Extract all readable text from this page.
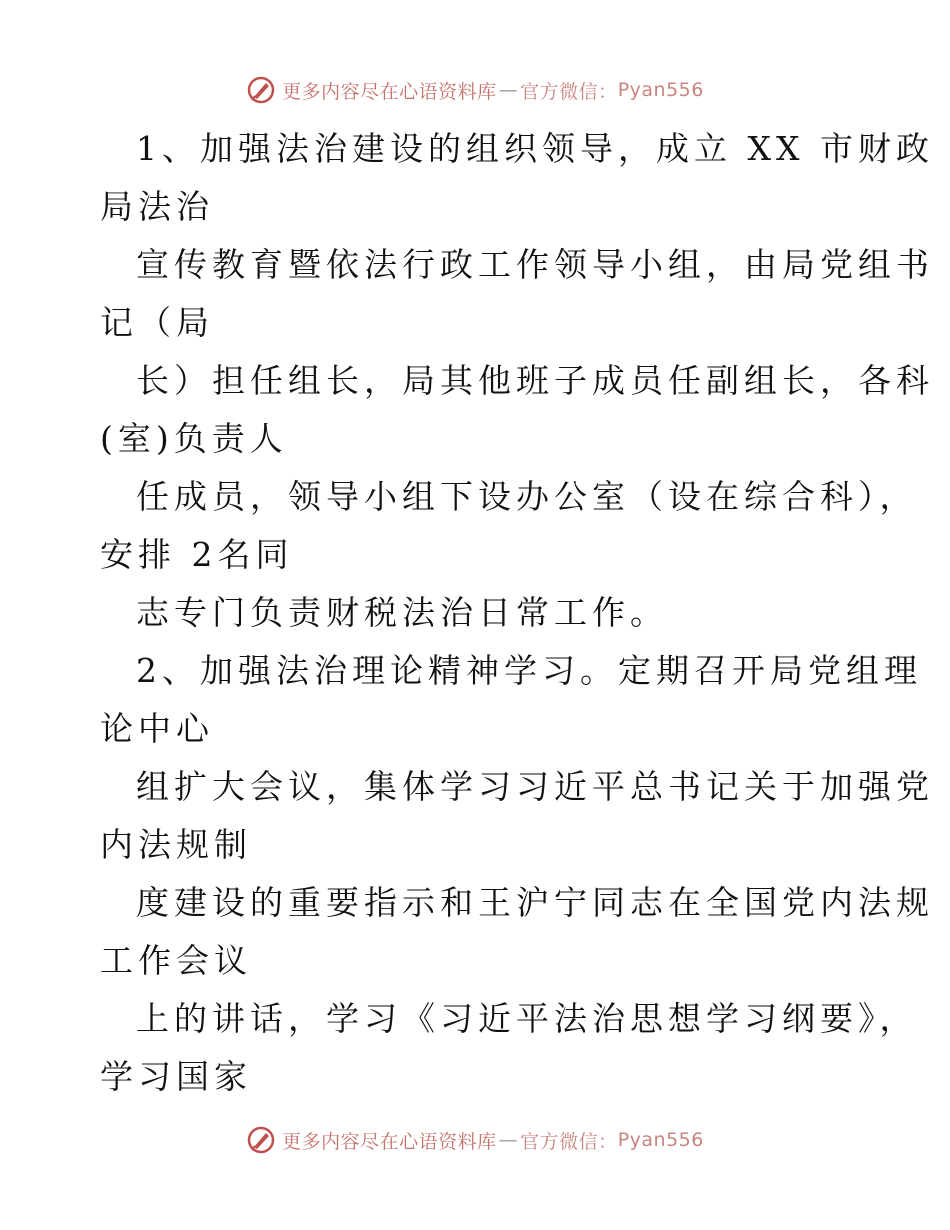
更多内容尽在心语资料库 — 官方微信： Pyan556
1、加强法治建设的组织领导，成立 XX 市财政
局法治
宣传教育暨依法行政工作领导小组，由局党组书
记（局
长）担任组长，局其他班子成员任副组长，各科
(室)负责人
任成员，领导小组下设办公室（设在综合科），
安排 2名同
志专门负责财税法治日常工作。
2、加强法治理论精神学习。定期召开局党组理
论中心
组扩大会议，集体学习习近平总书记关于加强党
内法规制
度建设的重要指示和王沪宁同志在全国党内法规
工作会议
上的讲话，学习《习近平法治思想学习纲要》，
学习国家
更多内容尽在心语资料库 — 官方微信： Pyan556
